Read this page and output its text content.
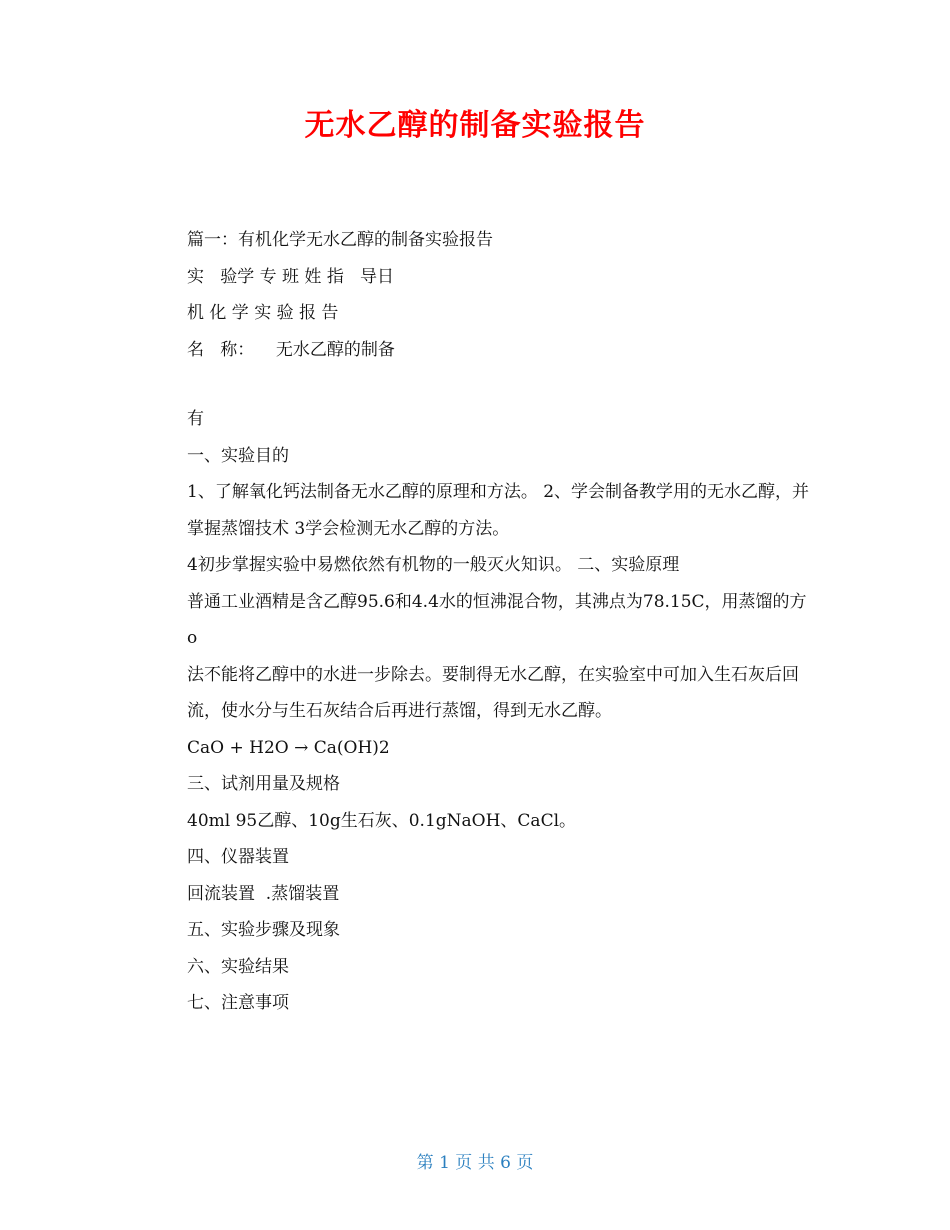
无水乙醇的制备实验报告

篇一：有机化学无水乙醇的制备实验报告

实   验学 专 班 姓 指   导日

机 化 学 实 验 报 告

名   称：    无水乙醇的制备

有

一、实验目的

1、了解氧化钙法制备无水乙醇的原理和方法。 2、学会制备教学用的无水乙醇，并掌握蒸馏技术 3学会检测无水乙醇的方法。

4初步掌握实验中易燃依然有机物的一般灭火知识。 二、实验原理

普通工业酒精是含乙醇95.6和4.4水的恒沸混合物，其沸点为78.15C，用蒸馏的方

o

法不能将乙醇中的水进一步除去。要制得无水乙醇，在实验室中可加入生石灰后回流，使水分与生石灰结合后再进行蒸馏，得到无水乙醇。

CaO + H2O → Ca(OH)2

三、试剂用量及规格

40ml 95乙醇、10g生石灰、0.1gNaOH、CaCl。

四、仪器装置

回流装置  .蒸馏装置

五、实验步骤及现象

六、实验结果

七、注意事项

第 1 页 共 6 页
